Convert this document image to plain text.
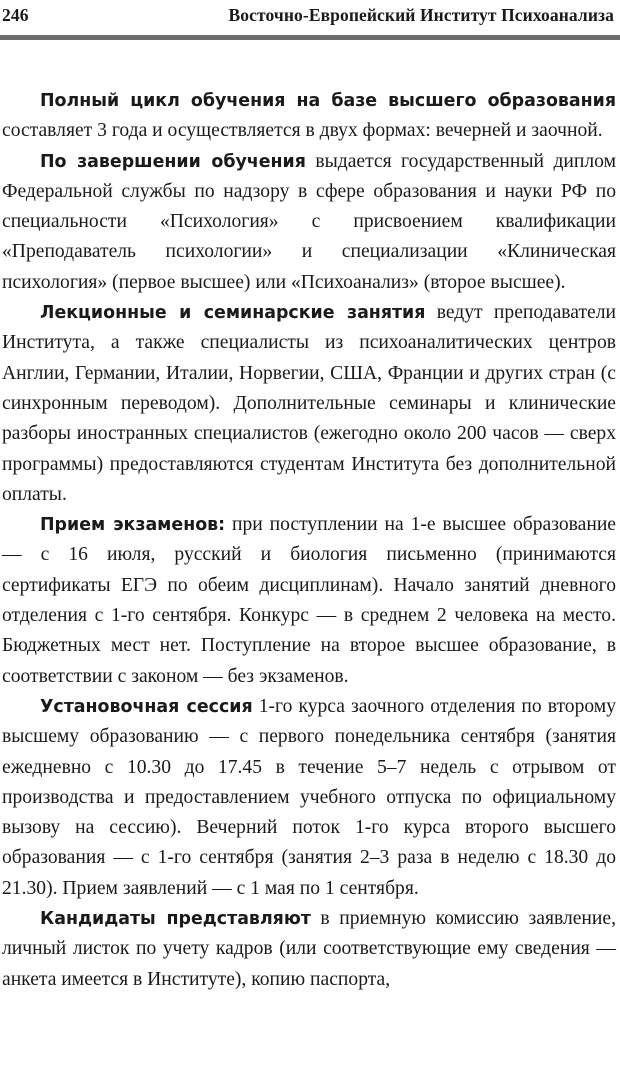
246	Восточно-Европейский Институт Психоанализа

Полный цикл обучения на базе высшего образования составляет 3 года и осуществляется в двух формах: вечерней и заочной.

По завершении обучения выдается государственный диплом Федеральной службы по надзору в сфере образования и науки РФ по специальности «Психология» с присвоением квалификации «Преподаватель психологии» и специализации «Клиническая психология» (первое высшее) или «Психоанализ» (второе высшее).

Лекционные и семинарские занятия ведут преподаватели Института, а также специалисты из психоаналитических центров Англии, Германии, Италии, Норвегии, США, Франции и других стран (с синхронным переводом). Дополнительные семинары и клинические разборы иностранных специалистов (ежегодно около 200 часов — сверх программы) предоставляются студентам Института без дополнительной оплаты.

Прием экзаменов: при поступлении на 1-е высшее образование — с 16 июля, русский и биология письменно (принимаются сертификаты ЕГЭ по обеим дисциплинам). Начало занятий дневного отделения с 1-го сентября. Конкурс — в среднем 2 человека на место. Бюджетных мест нет. Поступление на второе высшее образование, в соответствии с законом — без экзаменов.

Установочная сессия 1-го курса заочного отделения по второму высшему образованию — с первого понедельника сентября (занятия ежедневно с 10.30 до 17.45 в течение 5–7 недель с отрывом от производства и предоставлением учебного отпуска по официальному вызову на сессию). Вечерний поток 1-го курса второго высшего образования — с 1-го сентября (занятия 2–3 раза в неделю с 18.30 до 21.30). Прием заявлений — с 1 мая по 1 сентября.

Кандидаты представляют в приемную комиссию заявление, личный листок по учету кадров (или соответствующие ему сведения — анкета имеется в Институте), копию паспорта,
